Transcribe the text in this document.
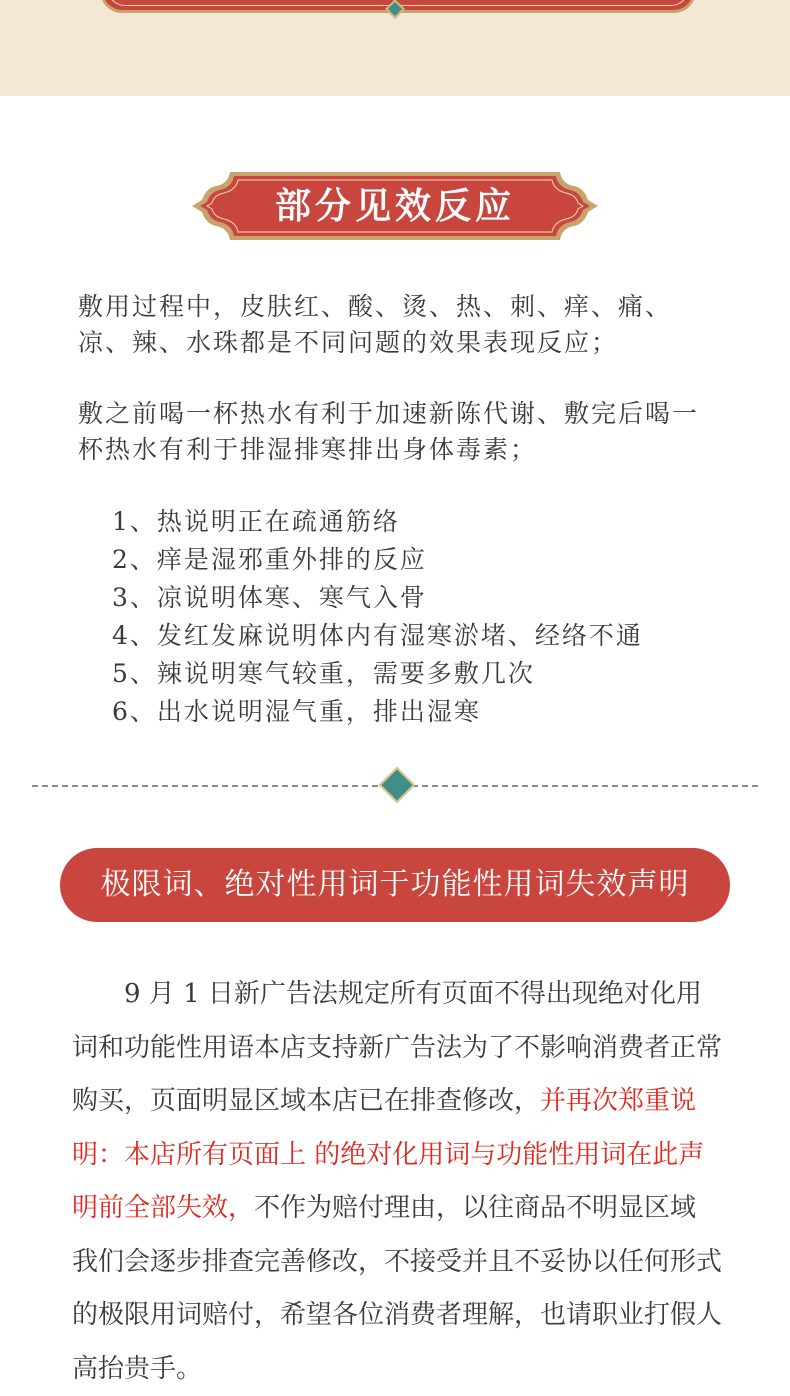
部分见效反应
敷用过程中，皮肤红、酸、烫、热、刺、痒、痛、凉、辣、水珠都是不同问题的效果表现反应；
敷之前喝一杯热水有利于加速新陈代谢、敷完后喝一杯热水有利于排湿排寒排出身体毒素；
1、热说明正在疏通筋络
2、痒是湿邪重外排的反应
3、凉说明体寒、寒气入骨
4、发红发麻说明体内有湿寒淤堵、经络不通
5、辣说明寒气较重，需要多敷几次
6、出水说明湿气重，排出湿寒
极限词、绝对性用词于功能性用词失效声明
　　9 月 1 日新广告法规定所有页面不得出现绝对化用词和功能性用语本店支持新广告法为了不影响消费者正常购买，页面明显区域本店已在排查修改，并再次郑重说明：本店所有页面上 的绝对化用词与功能性用词在此声明前全部失效，不作为赔付理由，以往商品不明显区域我们会逐步排查完善修改，不接受并且不妥协以任何形式的极限用词赔付，希望各位消费者理解，也请职业打假人高抬贵手。
